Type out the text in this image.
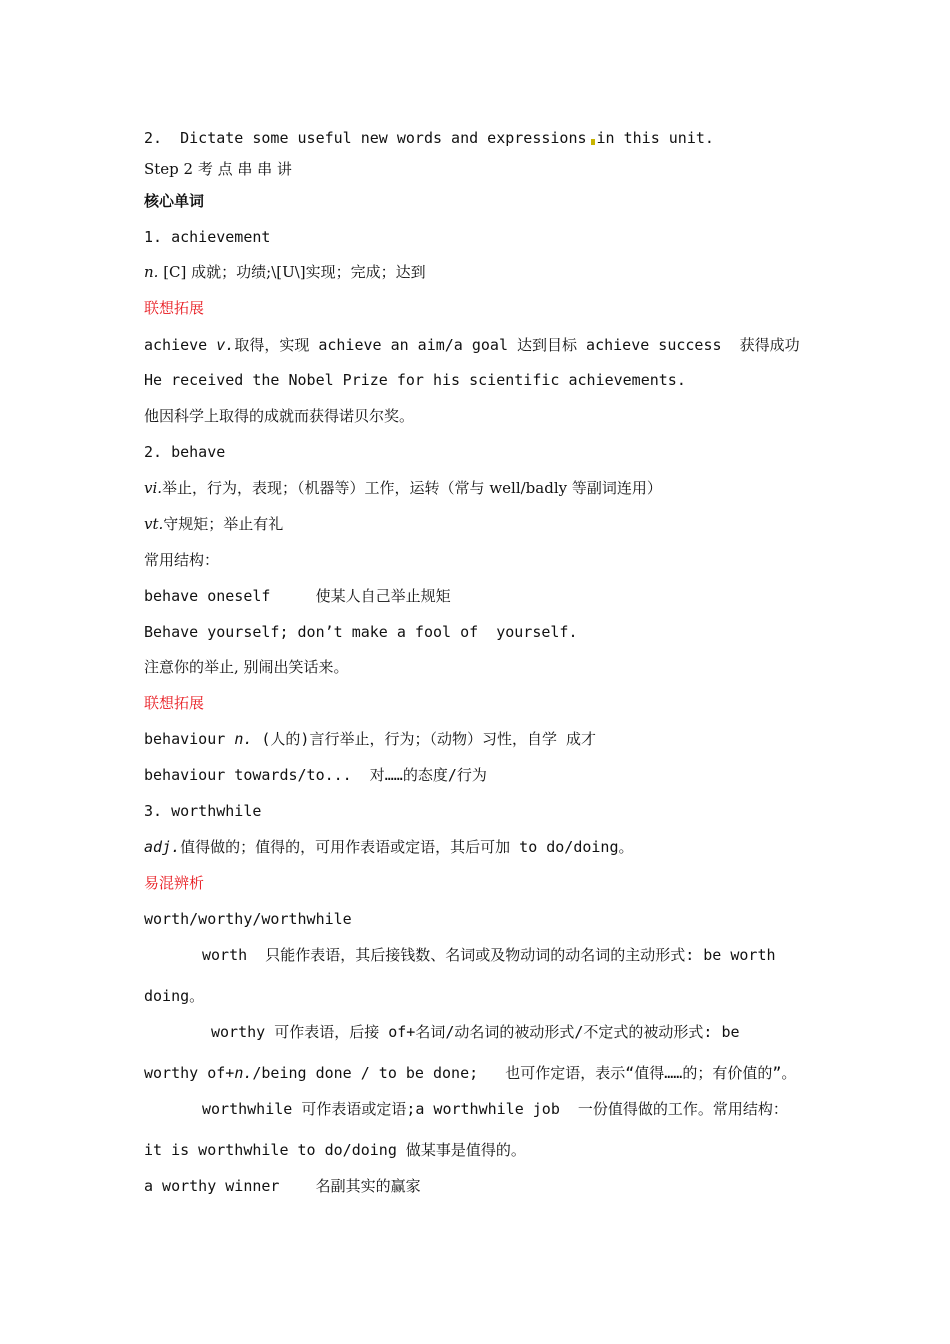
2.  Dictate some useful new words and expressions in this unit.
Step 2 考 点 串 串 讲
核心单词
1. achievement
n. [C] 成就；功绩;\[U\]实现；完成；达到
联想拓展
achieve v.取得，实现 achieve an aim/a goal 达到目标 achieve success  获得成功
He received the Nobel Prize for his scientific achievements.
他因科学上取得的成就而获得诺贝尔奖。
2. behave
vi.举止，行为，表现；（机器等）工作，运转（常与 well/badly 等副词连用）
vt.守规矩；举止有礼
常用结构：
behave oneself     使某人自己举止规矩
Behave yourself; don’t make a fool of  yourself.
注意你的举止, 别闹出笑话来。
联想拓展
behaviour n. (人的)言行举止，行为；（动物）习性，自学 成才
behaviour towards/to...  对……的态度/行为
3. worthwhile
adj.值得做的；值得的，可用作表语或定语，其后可加 to do/doing。
易混辨析
worth/worthy/worthwhile
worth  只能作表语，其后接钱数、名词或及物动词的动名词的主动形式: be worth
doing。
worthy 可作表语，后接 of+名词/动名词的被动形式/不定式的被动形式: be
worthy of+n./being done / to be done;   也可作定语，表示“值得……的；有价值的”。
worthwhile 可作表语或定语;a worthwhile job  一份值得做的工作。常用结构：
it is worthwhile to do/doing 做某事是值得的。
a worthy winner    名副其实的赢家
